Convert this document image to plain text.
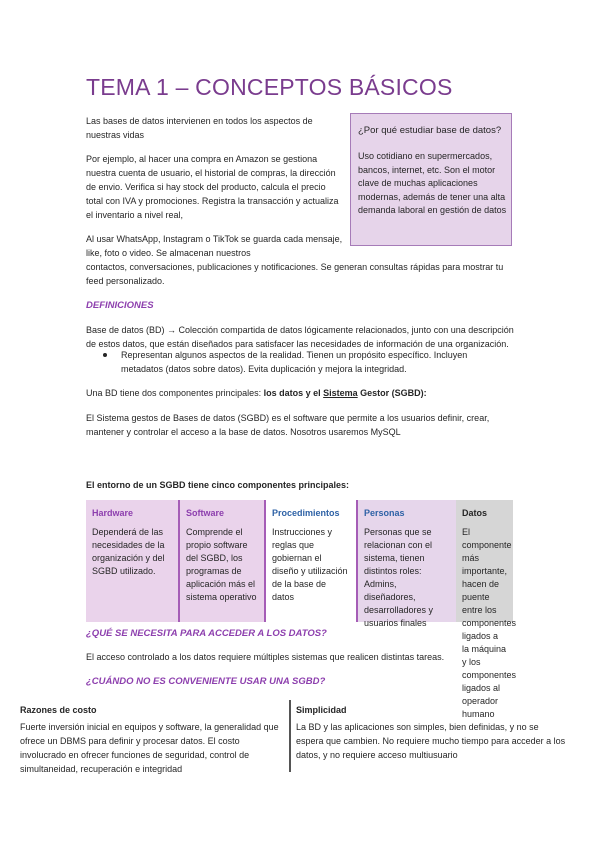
TEMA 1 – CONCEPTOS BÁSICOS

Las bases de datos intervienen en todos los aspectos de nuestras vidas

Por ejemplo, al hacer una compra en Amazon se gestiona nuestra cuenta de usuario, el historial de compras, la dirección de envio. Verifica si hay stock del producto, calcula el precio total con IVA y promociones. Registra la transacción y actualiza el inventario a nivel real,

Al usar WhatsApp, Instagram o TikTok se guarda cada mensaje, like, foto o video. Se almacenan nuestros

contactos, conversaciones, publicaciones y notificaciones. Se generan consultas rápidas para mostrar tu feed personalizado.

¿Por qué estudiar base de datos?
Uso cotidiano en supermercados, bancos, internet, etc. Son el motor clave de muchas aplicaciones modernas, además de tener una alta demanda laboral en gestión de datos
DEFINICIONES

Base de datos (BD) → Colección compartida de datos lógicamente relacionados, junto con una descripción de estos datos, que están diseñados para satisfacer las necesidades de información de una organización.

Representan algunos aspectos de la realidad. Tienen un propósito específico. Incluyen metadatos (datos sobre datos). Evita duplicación y mejora la integridad.

Una BD tiene dos componentes principales: los datos y el Sistema Gestor (SGBD):

El Sistema gestos de Bases de datos (SGBD) es el software que permite a los usuarios definir, crear, mantener y controlar el acceso a la base de datos. Nosotros usaremos MySQL

El entorno de un SGBD tiene cinco componentes principales:

Hardware
Dependerá de las necesidades de la organización y del SGBD utilizado.
Software
Comprende el propio software del SGBD, los programas de aplicación más el sistema operativo
Procedimientos
Instrucciones y reglas que gobiernan el diseño y utilización de la base de datos
Personas
Personas que se relacionan con el sistema, tienen distintos roles: Admins, diseñadores, desarrolladores y usuarios finales
Datos
El componente más importante, hacen de puente entre los componentes ligados a la máquina y los componentes ligados al operador humano
¿QUÉ SE NECESITA PARA ACCEDER A LOS DATOS?

El acceso controlado a los datos requiere múltiples sistemas que realicen distintas tareas.

¿CUÁNDO NO ES CONVENIENTE USAR UNA SGBD?
Razones de costo

Fuerte inversión inicial en equipos y software, la generalidad que ofrece un DBMS para definir y procesar datos. El costo involucrado en ofrecer funciones de seguridad, control de simultaneidad, recuperación e integridad

Simplicidad

La BD y las aplicaciones son simples, bien definidas, y no se espera que cambien. No requiere mucho tiempo para acceder a los datos, y no requiere acceso multiusuario
